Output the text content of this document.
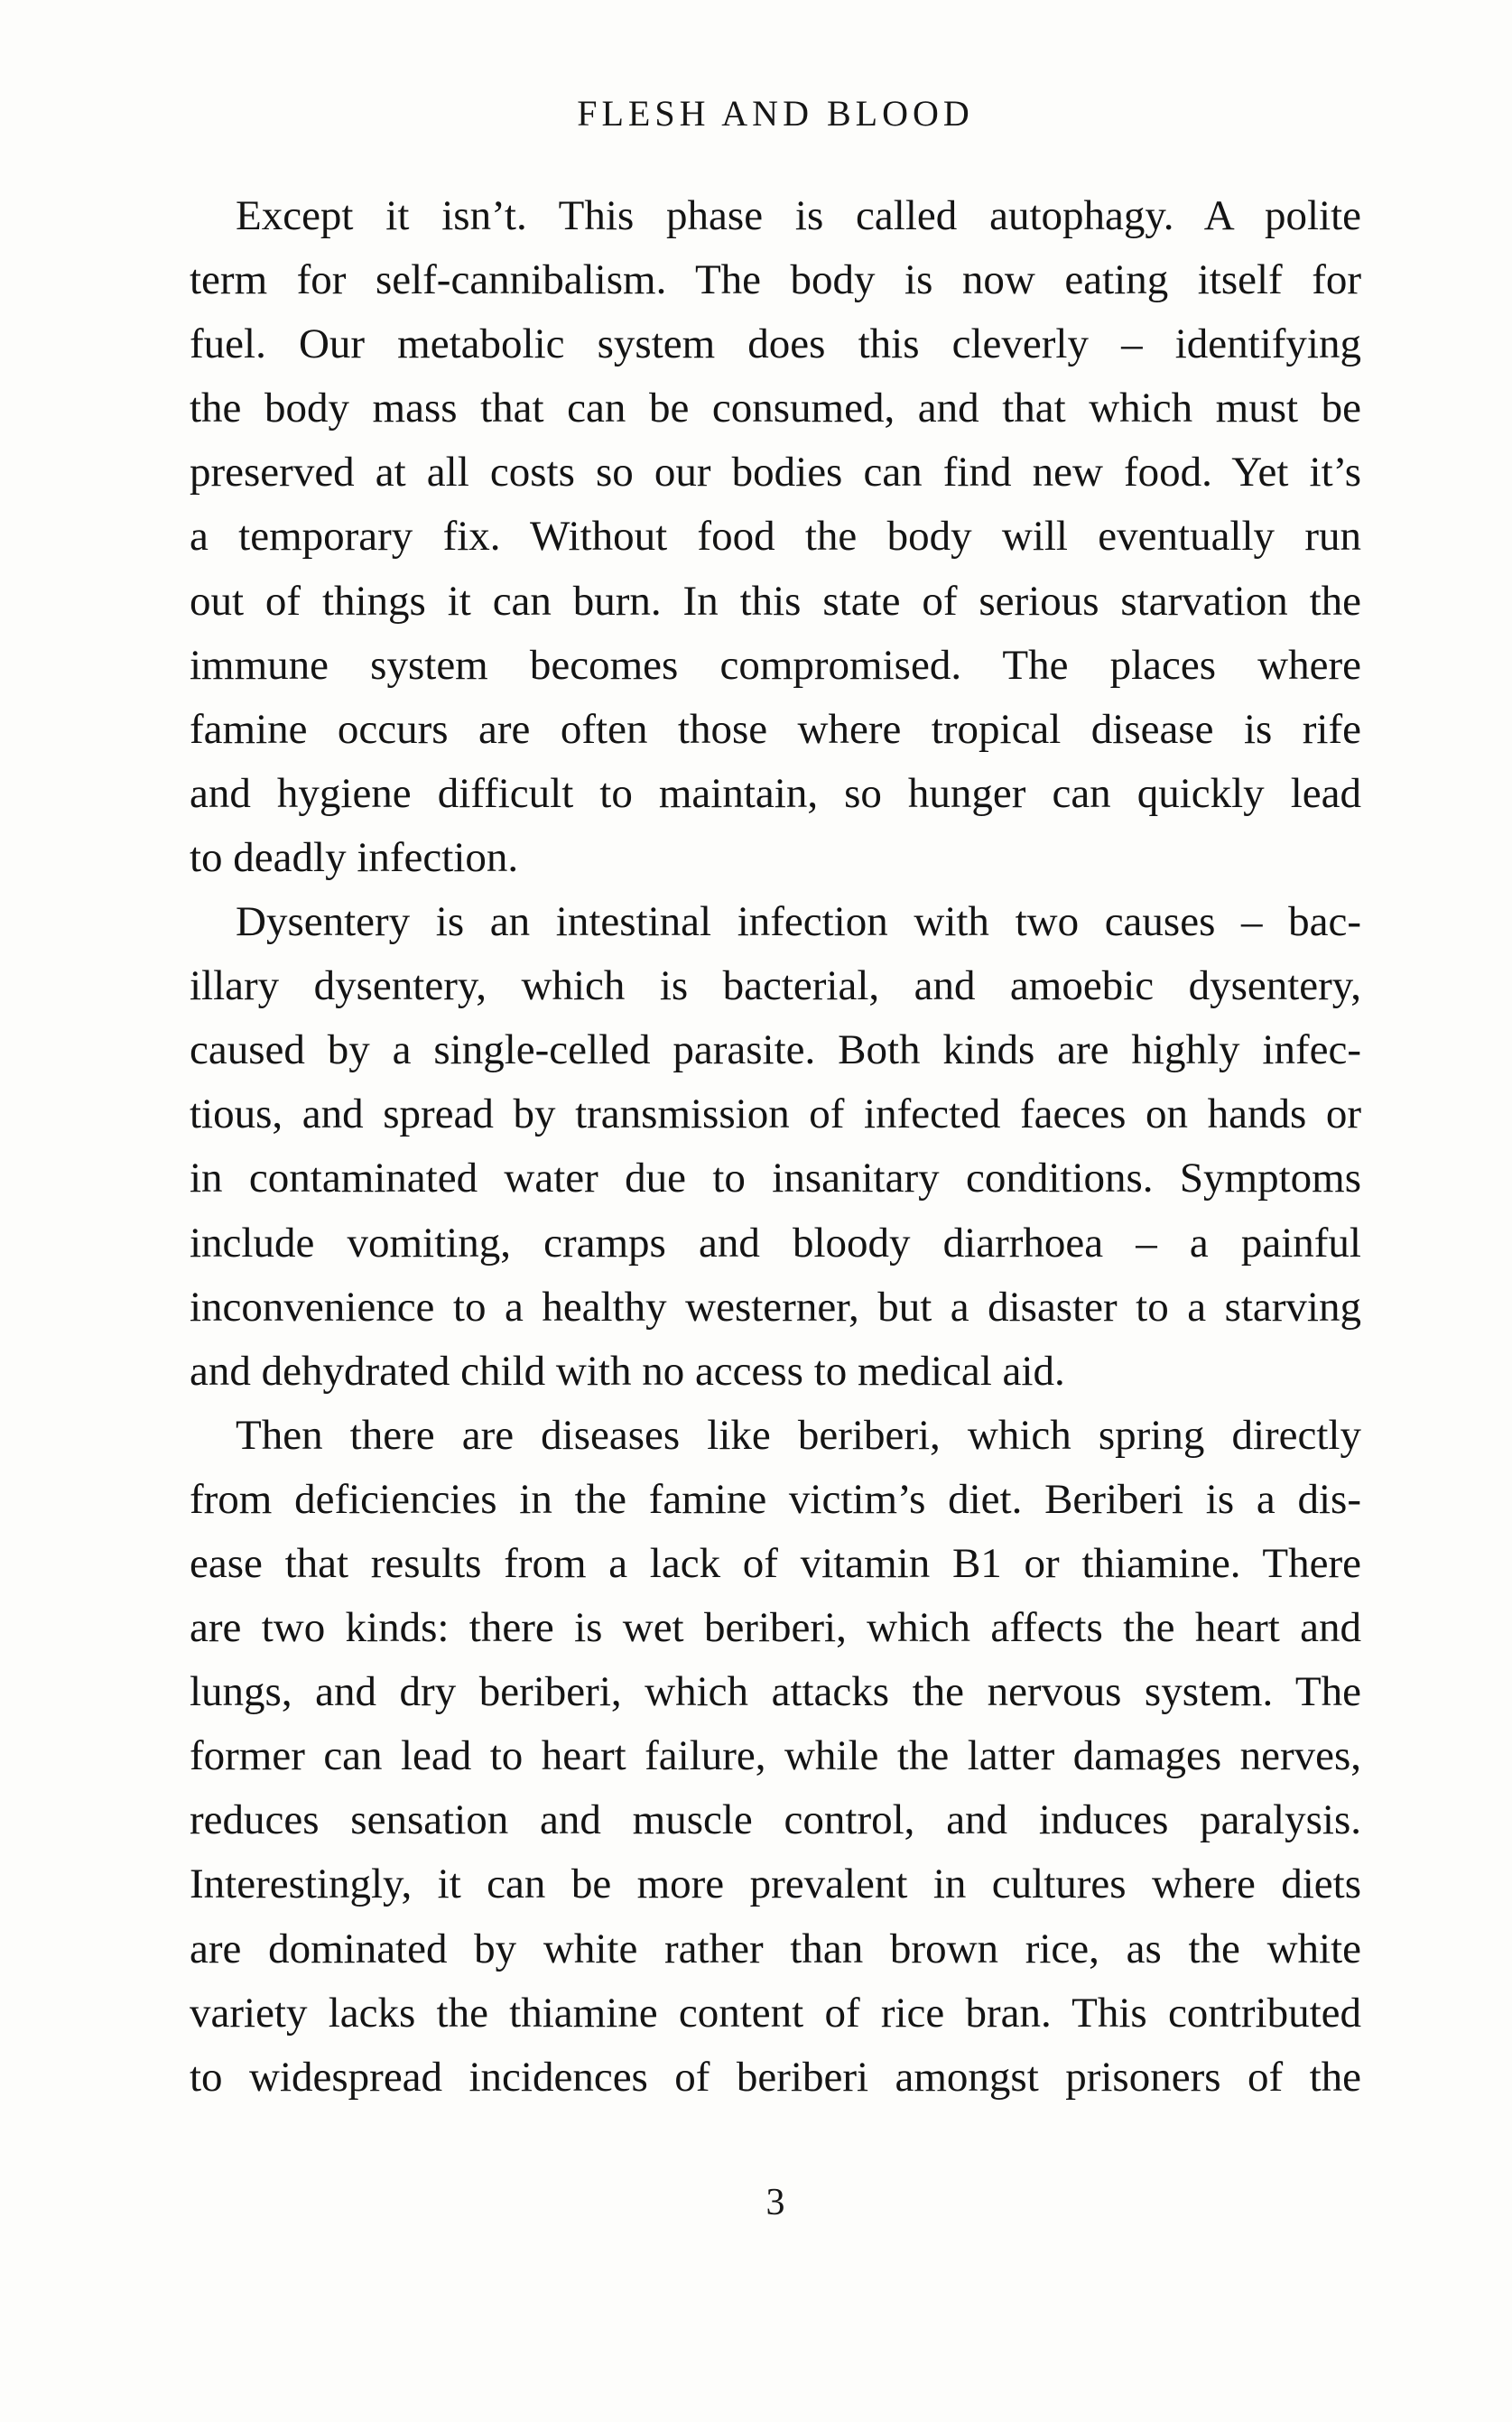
FLESH AND BLOOD
Except it isn’t. This phase is called autophagy. A polite
term for self-cannibalism. The body is now eating itself for
fuel. Our metabolic system does this cleverly – identifying
the body mass that can be consumed, and that which must be
preserved at all costs so our bodies can find new food. Yet it’s
a temporary fix. Without food the body will eventually run
out of things it can burn. In this state of serious starvation the
immune system becomes compromised. The places where
famine occurs are often those where tropical disease is rife
and hygiene difficult to maintain, so hunger can quickly lead
to deadly infection.
Dysentery is an intestinal infection with two causes – bac-
illary dysentery, which is bacterial, and amoebic dysentery,
caused by a single-celled parasite. Both kinds are highly infec-
tious, and spread by transmission of infected faeces on hands or
in contaminated water due to insanitary conditions. Symptoms
include vomiting, cramps and bloody diarrhoea – a painful
inconvenience to a healthy westerner, but a disaster to a starving
and dehydrated child with no access to medical aid.
Then there are diseases like beriberi, which spring directly
from deficiencies in the famine victim’s diet. Beriberi is a dis-
ease that results from a lack of vitamin B1 or thiamine. There
are two kinds: there is wet beriberi, which affects the heart and
lungs, and dry beriberi, which attacks the nervous system. The
former can lead to heart failure, while the latter damages nerves,
reduces sensation and muscle control, and induces paralysis.
Interestingly, it can be more prevalent in cultures where diets
are dominated by white rather than brown rice, as the white
variety lacks the thiamine content of rice bran. This contributed
to widespread incidences of beriberi amongst prisoners of the
3
